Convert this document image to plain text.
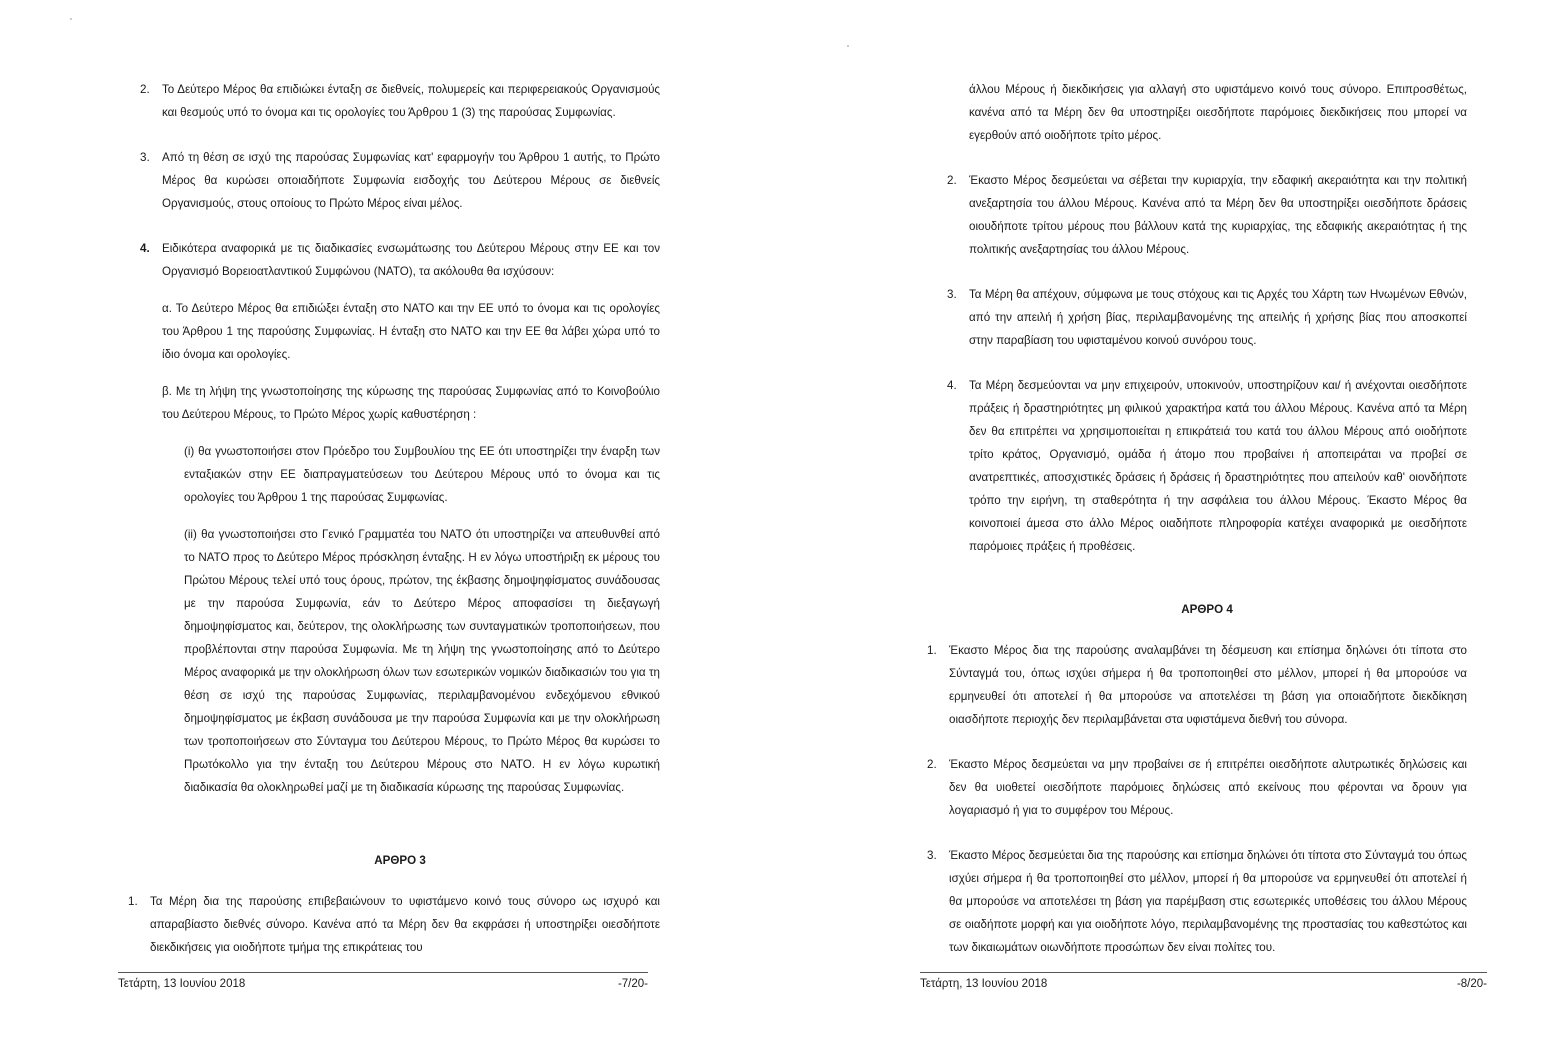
2. Το Δεύτερο Μέρος θα επιδιώκει ένταξη σε διεθνείς, πολυμερείς και περιφερειακούς Οργανισμούς και θεσμούς υπό το όνομα και τις ορολογίες του Άρθρου 1 (3) της παρούσας Συμφωνίας.
3. Από τη θέση σε ισχύ της παρούσας Συμφωνίας κατ' εφαρμογήν του Άρθρου 1 αυτής, το Πρώτο Μέρος θα κυρώσει οποιαδήποτε Συμφωνία εισδοχής του Δεύτερου Μέρους σε διεθνείς Οργανισμούς, στους οποίους το Πρώτο Μέρος είναι μέλος.
4. Ειδικότερα αναφορικά με τις διαδικασίες ενσωμάτωσης του Δεύτερου Μέρους στην ΕΕ και τον Οργανισμό Βορειοατλαντικού Συμφώνου (ΝΑΤΟ), τα ακόλουθα θα ισχύσουν:
α. Το Δεύτερο Μέρος θα επιδιώξει ένταξη στο ΝΑΤΟ και την ΕΕ υπό το όνομα και τις ορολογίες του Άρθρου 1 της παρούσης Συμφωνίας. Η ένταξη στο ΝΑΤΟ και την ΕΕ θα λάβει χώρα υπό το ίδιο όνομα και ορολογίες.
β. Με τη λήψη της γνωστοποίησης της κύρωσης της παρούσας Συμφωνίας από το Κοινοβούλιο του Δεύτερου Μέρους, το Πρώτο Μέρος χωρίς καθυστέρηση :
(i) θα γνωστοποιήσει στον Πρόεδρο του Συμβουλίου της ΕΕ ότι υποστηρίζει την έναρξη των ενταξιακών στην ΕΕ διαπραγματεύσεων του Δεύτερου Μέρους υπό το όνομα και τις ορολογίες του Άρθρου 1 της παρούσας Συμφωνίας.
(ii) θα γνωστοποιήσει στο Γενικό Γραμματέα του ΝΑΤΟ ότι υποστηρίζει να απευθυνθεί από το ΝΑΤΟ προς το Δεύτερο Μέρος πρόσκληση ένταξης. Η εν λόγω υποστήριξη εκ μέρους του Πρώτου Μέρους τελεί υπό τους όρους, πρώτον, της έκβασης δημοψηφίσματος συνάδουσας με την παρούσα Συμφωνία, εάν το Δεύτερο Μέρος αποφασίσει τη διεξαγωγή δημοψηφίσματος και, δεύτερον, της ολοκλήρωσης των συνταγματικών τροποποιήσεων, που προβλέπονται στην παρούσα Συμφωνία. Με τη λήψη της γνωστοποίησης από το Δεύτερο Μέρος αναφορικά με την ολοκλήρωση όλων των εσωτερικών νομικών διαδικασιών του για τη θέση σε ισχύ της παρούσας Συμφωνίας, περιλαμβανομένου ενδεχόμενου εθνικού δημοψηφίσματος με έκβαση συνάδουσα με την παρούσα Συμφωνία και με την ολοκλήρωση των τροποποιήσεων στο Σύνταγμα του Δεύτερου Μέρους, το Πρώτο Μέρος θα κυρώσει το Πρωτόκολλο για την ένταξη του Δεύτερου Μέρους στο ΝΑΤΟ. Η εν λόγω κυρωτική διαδικασία θα ολοκληρωθεί μαζί με τη διαδικασία κύρωσης της παρούσας Συμφωνίας.
ΑΡΘΡΟ 3
1. Τα Μέρη δια της παρούσης επιβεβαιώνουν το υφιστάμενο κοινό τους σύνορο ως ισχυρό και απαραβίαστο διεθνές σύνορο. Κανένα από τα Μέρη δεν θα εκφράσει ή υποστηρίξει οιεσδήποτε διεκδικήσεις για οιοδήποτε τμήμα της επικράτειας του
Τετάρτη, 13 Ιουνίου 2018	-7/20-
άλλου Μέρους ή διεκδικήσεις για αλλαγή στο υφιστάμενο κοινό τους σύνορο. Επιπροσθέτως, κανένα από τα Μέρη δεν θα υποστηρίξει οιεσδήποτε παρόμοιες διεκδικήσεις που μπορεί να εγερθούν από οιοδήποτε τρίτο μέρος.
2. Έκαστο Μέρος δεσμεύεται να σέβεται την κυριαρχία, την εδαφική ακεραιότητα και την πολιτική ανεξαρτησία του άλλου Μέρους. Κανένα από τα Μέρη δεν θα υποστηρίξει οιεσδήποτε δράσεις οιουδήποτε τρίτου μέρους που βάλλουν κατά της κυριαρχίας, της εδαφικής ακεραιότητας ή της πολιτικής ανεξαρτησίας του άλλου Μέρους.
3. Τα Μέρη θα απέχουν, σύμφωνα με τους στόχους και τις Αρχές του Χάρτη των Ηνωμένων Εθνών, από την απειλή ή χρήση βίας, περιλαμβανομένης της απειλής ή χρήσης βίας που αποσκοπεί στην παραβίαση του υφισταμένου κοινού συνόρου τους.
4. Τα Μέρη δεσμεύονται να μην επιχειρούν, υποκινούν, υποστηρίζουν και/ ή ανέχονται οιεσδήποτε πράξεις ή δραστηριότητες μη φιλικού χαρακτήρα κατά του άλλου Μέρους. Κανένα από τα Μέρη δεν θα επιτρέπει να χρησιμοποιείται η επικράτειά του κατά του άλλου Μέρους από οιοδήποτε τρίτο κράτος, Οργανισμό, ομάδα ή άτομο που προβαίνει ή αποπειράται να προβεί σε ανατρεπτικές, αποσχιστικές δράσεις ή δράσεις ή δραστηριότητες που απειλούν καθ' οιονδήποτε τρόπο την ειρήνη, τη σταθερότητα ή την ασφάλεια του άλλου Μέρους. Έκαστο Μέρος θα κοινοποιεί άμεσα στο άλλο Μέρος οιαδήποτε πληροφορία κατέχει αναφορικά με οιεσδήποτε παρόμοιες πράξεις ή προθέσεις.
ΑΡΘΡΟ 4
1. Έκαστο Μέρος δια της παρούσης αναλαμβάνει τη δέσμευση και επίσημα δηλώνει ότι τίποτα στο Σύνταγμά του, όπως ισχύει σήμερα ή θα τροποποιηθεί στο μέλλον, μπορεί ή θα μπορούσε να ερμηνευθεί ότι αποτελεί ή θα μπορούσε να αποτελέσει τη βάση για οποιαδήποτε διεκδίκηση οιασδήποτε περιοχής δεν περιλαμβάνεται στα υφιστάμενα διεθνή του σύνορα.
2. Έκαστο Μέρος δεσμεύεται να μην προβαίνει σε ή επιτρέπει οιεσδήποτε αλυτρωτικές δηλώσεις και δεν θα υιοθετεί οιεσδήποτε παρόμοιες δηλώσεις από εκείνους που φέρονται να δρουν για λογαριασμό ή για το συμφέρον του Μέρους.
3. Έκαστο Μέρος δεσμεύεται δια της παρούσης και επίσημα δηλώνει ότι τίποτα στο Σύνταγμά του όπως ισχύει σήμερα ή θα τροποποιηθεί στο μέλλον, μπορεί ή θα μπορούσε να ερμηνευθεί ότι αποτελεί ή θα μπορούσε να αποτελέσει τη βάση για παρέμβαση στις εσωτερικές υποθέσεις του άλλου Μέρους σε οιαδήποτε μορφή και για οιοδήποτε λόγο, περιλαμβανομένης της προστασίας του καθεστώτος και των δικαιωμάτων οιωνδήποτε προσώπων δεν είναι πολίτες του.
Τετάρτη, 13 Ιουνίου 2018	-8/20-
